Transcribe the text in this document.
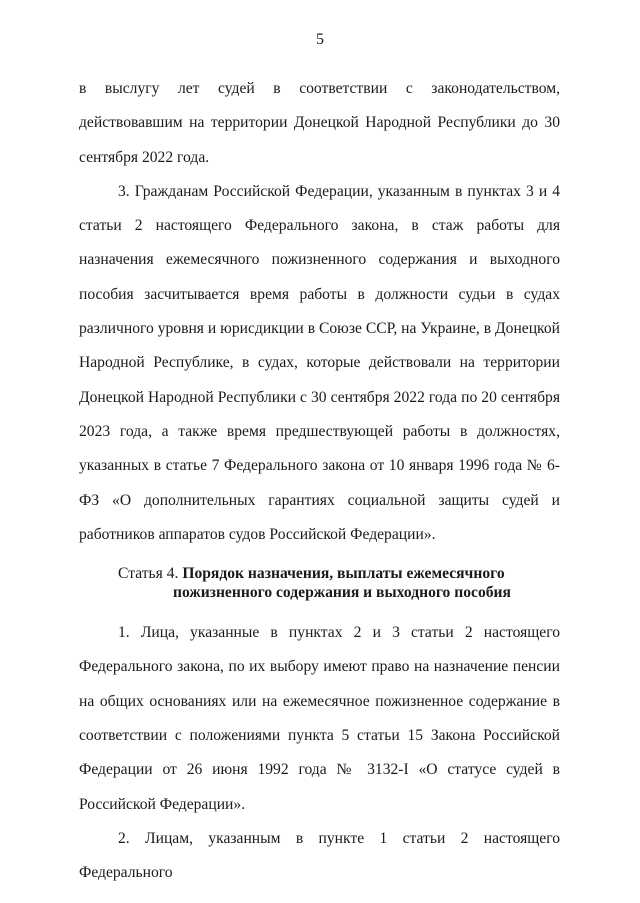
5

в выслугу лет судей в соответствии с законодательством, действовавшим на территории Донецкой Народной Республики до 30 сентября 2022 года.

3. Гражданам Российской Федерации, указанным в пунктах 3 и 4 статьи 2 настоящего Федерального закона, в стаж работы для назначения ежемесячного пожизненного содержания и выходного пособия засчитывается время работы в должности судьи в судах различного уровня и юрисдикции в Союзе ССР, на Украине, в Донецкой Народной Республике, в судах, которые действовали на территории Донецкой Народной Республики с 30 сентября 2022 года по 20 сентября 2023 года, а также время предшествующей работы в должностях, указанных в статье 7 Федерального закона от 10 января 1996 года № 6-ФЗ «О дополнительных гарантиях социальной защиты судей и работников аппаратов судов Российской Федерации».

Статья 4. Порядок назначения, выплаты ежемесячного
пожизненного содержания и выходного пособия

1. Лица, указанные в пунктах 2 и 3 статьи 2 настоящего Федерального закона, по их выбору имеют право на назначение пенсии на общих основаниях или на ежемесячное пожизненное содержание в соответствии с положениями пункта 5 статьи 15 Закона Российской Федерации от 26 июня 1992 года № 3132-I «О статусе судей в Российской Федерации».

2. Лицам, указанным в пункте 1 статьи 2 настоящего Федерального
